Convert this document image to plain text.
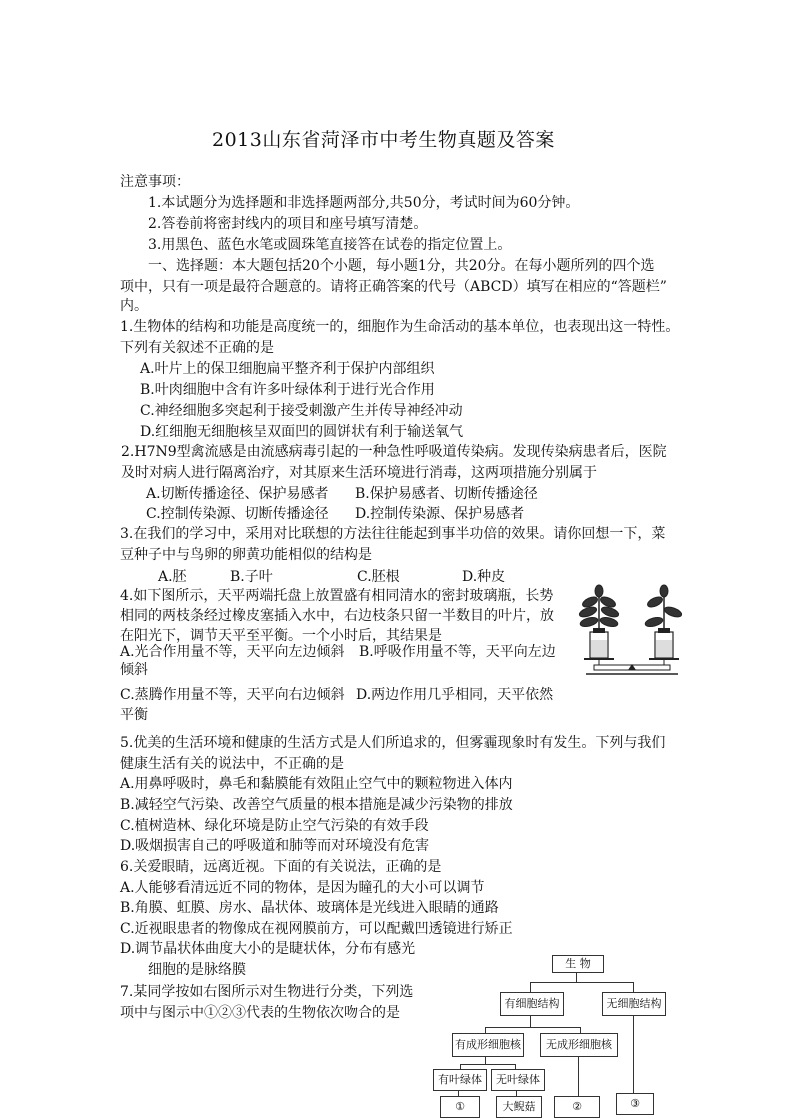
2013山东省菏泽市中考生物真题及答案
注意事项：
1.本试题分为选择题和非选择题两部分,共50分，考试时间为60分钟。
2.答卷前将密封线内的项目和座号填写清楚。
3.用黑色、蓝色水笔或圆珠笔直接答在试卷的指定位置上。
一、选择题：本大题包括20个小题，每小题1分，共20分。在每小题所列的四个选
项中，只有一项是最符合题意的。请将正确答案的代号（ABCD）填写在相应的“答题栏”
内。
1.生物体的结构和功能是高度统一的，细胞作为生命活动的基本单位，也表现出这一特性。
下列有关叙述不正确的是
A.叶片上的保卫细胞扁平整齐利于保护内部组织
B.叶肉细胞中含有许多叶绿体利于进行光合作用
C.神经细胞多突起利于接受刺激产生并传导神经冲动
D.红细胞无细胞核呈双面凹的圆饼状有利于输送氧气
2.H7N9型禽流感是由流感病毒引起的一种急性呼吸道传染病。发现传染病患者后，医院
及时对病人进行隔离治疗，对其原来生活环境进行消毒，这两项措施分别属于
A.切断传播途径、保护易感者 B.保护易感者、切断传播途径
C.控制传染源、切断传播途径 D.控制传染源、保护易感者
3.在我们的学习中，采用对比联想的方法往往能起到事半功倍的效果。请你回想一下，菜
豆种子中与鸟卵的卵黄功能相似的结构是
A.胚	B.子叶	C.胚根	D.种皮
4.如下图所示，天平两端托盘上放置盛有相同清水的密封玻璃瓶，长势
相同的两枝条经过橡皮塞插入水中，右边枝条只留一半数目的叶片，放
在阳光下，调节天平至平衡。一个小时后，其结果是
A.光合作用量不等，天平向左边倾斜 B.呼吸作用量不等，天平向左边
倾斜
C.蒸腾作用量不等，天平向右边倾斜 D.两边作用几乎相同，天平依然
平衡
5.优美的生活环境和健康的生活方式是人们所追求的，但雾霾现象时有发生。下列与我们
健康生活有关的说法中，不正确的是
A.用鼻呼吸时，鼻毛和黏膜能有效阻止空气中的颗粒物进入体内
B.减轻空气污染、改善空气质量的根本措施是减少污染物的排放
C.植树造林、绿化环境是防止空气污染的有效手段
D.吸烟损害自己的呼吸道和肺等而对环境没有危害
6.关爱眼睛，远离近视。下面的有关说法，正确的是
A.人能够看清远近不同的物体，是因为瞳孔的大小可以调节
B.角膜、虹膜、房水、晶状体、玻璃体是光线进入眼睛的通路
C.近视眼患者的物像成在视网膜前方，可以配戴凹透镜进行矫正
D.调节晶状体曲度大小的是睫状体，分布有感光
细胞的是脉络膜
7.某同学按如右图所示对生物进行分类，下列选
项中与图示中①②③代表的生物依次吻合的是
生 物
有细胞结构	无细胞结构
有成形细胞核	无成形细胞核
有叶绿体	无叶绿体
①	大鲵菇	②	③
